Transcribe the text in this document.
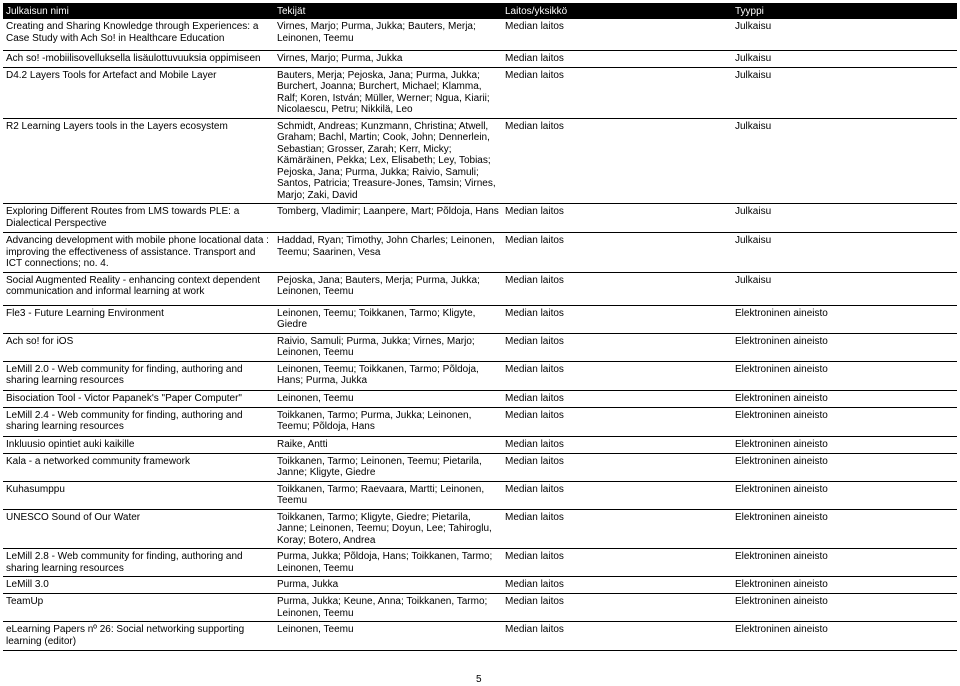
Julkaisun nimi	Tekijät	Laitos/yksikkö	Tyyppi
Creating and Sharing Knowledge through Experiences: a Case Study with Ach So! in Healthcare Education	Virnes, Marjo; Purma, Jukka; Bauters, Merja; Leinonen, Teemu	Median laitos	Julkaisu
Ach so! -mobiilisovelluksella lisäulottuvuuksia oppimiseen	Virnes, Marjo; Purma, Jukka	Median laitos	Julkaisu
D4.2 Layers Tools for Artefact and Mobile Layer	Bauters, Merja; Pejoska, Jana; Purma, Jukka; Burchert, Joanna; Burchert, Michael; Klamma, Ralf; Koren, István; Müller, Werner; Ngua, Kiarii; Nicolaescu, Petru; Nikkilä, Leo	Median laitos	Julkaisu
R2 Learning Layers tools in the Layers ecosystem	Schmidt, Andreas; Kunzmann, Christina; Atwell, Graham; Bachl, Martin; Cook, John; Dennerlein, Sebastian; Grosser, Zarah; Kerr, Micky; Kämäräinen, Pekka; Lex, Elisabeth; Ley, Tobias; Pejoska, Jana; Purma, Jukka; Raivio, Samuli; Santos, Patricia; Treasure-Jones, Tamsin; Virnes, Marjo; Zaki, David	Median laitos	Julkaisu
Exploring Different Routes from LMS towards PLE: a Dialectical Perspective	Tomberg, Vladimir; Laanpere, Mart; Põldoja, Hans	Median laitos	Julkaisu
Advancing development with mobile phone locational data : improving the effectiveness of assistance. Transport and ICT connections; no. 4.	Haddad, Ryan; Timothy, John Charles; Leinonen, Teemu; Saarinen, Vesa	Median laitos	Julkaisu
Social Augmented Reality - enhancing context dependent communication and informal learning at work	Pejoska, Jana; Bauters, Merja; Purma, Jukka; Leinonen, Teemu	Median laitos	Julkaisu
Fle3 - Future Learning Environment	Leinonen, Teemu; Toikkanen, Tarmo; Kligyte, Giedre	Median laitos	Elektroninen aineisto
Ach so! for iOS	Raivio, Samuli; Purma, Jukka; Virnes, Marjo; Leinonen, Teemu	Median laitos	Elektroninen aineisto
LeMill 2.0 - Web community for finding, authoring and sharing learning resources	Leinonen, Teemu; Toikkanen, Tarmo; Põldoja, Hans; Purma, Jukka	Median laitos	Elektroninen aineisto
Bisociation Tool - Victor Papanek's "Paper Computer"	Leinonen, Teemu	Median laitos	Elektroninen aineisto
LeMill 2.4 - Web community for finding, authoring and sharing learning resources	Toikkanen, Tarmo; Purma, Jukka; Leinonen, Teemu; Põldoja, Hans	Median laitos	Elektroninen aineisto
Inkluusio opintiet auki kaikille	Raike, Antti	Median laitos	Elektroninen aineisto
Kala - a networked community framework	Toikkanen, Tarmo; Leinonen, Teemu; Pietarila, Janne; Kligyte, Giedre	Median laitos	Elektroninen aineisto
Kuhasumppu	Toikkanen, Tarmo; Raevaara, Martti; Leinonen, Teemu	Median laitos	Elektroninen aineisto
UNESCO Sound of Our Water	Toikkanen, Tarmo; Kligyte, Giedre; Pietarila, Janne; Leinonen, Teemu; Doyun, Lee; Tahiroglu, Koray; Botero, Andrea	Median laitos	Elektroninen aineisto
LeMill 2.8 - Web community for finding, authoring and sharing learning resources	Purma, Jukka; Põldoja, Hans; Toikkanen, Tarmo; Leinonen, Teemu	Median laitos	Elektroninen aineisto
LeMill 3.0	Purma, Jukka	Median laitos	Elektroninen aineisto
TeamUp	Purma, Jukka; Keune, Anna; Toikkanen, Tarmo; Leinonen, Teemu	Median laitos	Elektroninen aineisto
eLearning Papers nº 26: Social networking supporting learning (editor)	Leinonen, Teemu	Median laitos	Elektroninen aineisto
5
